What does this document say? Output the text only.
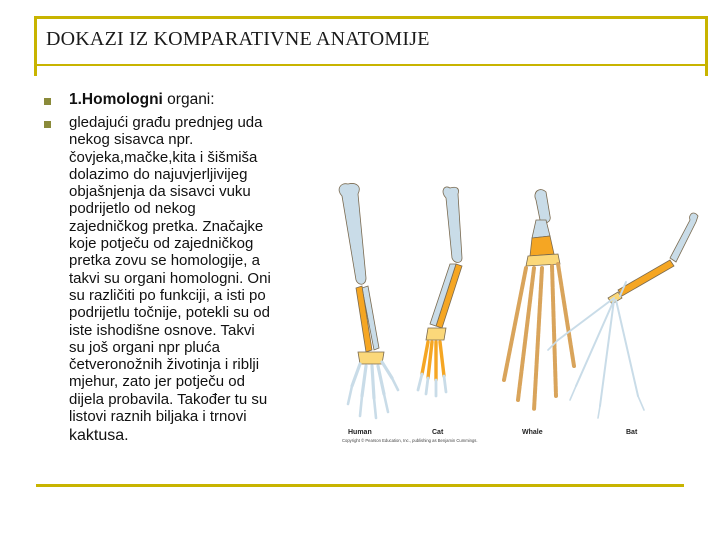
DOKAZI IZ KOMPARATIVNE ANATOMIJE
1.Homologni organi:
gledajući građu prednjeg uda
nekog sisavca npr.
čovjeka,mačke,kita i šišmiša
dolazimo do najuvjerljivijeg
objašnjenja da sisavci vuku
podrijetlo od nekog
zajedničkog pretka. Značajke
koje potječu od zajedničkog
pretka zovu se homologije, a
takvi su organi homologni. Oni
su različiti po funkciji, a isti po
podrijetlu točnije, potekli su od
iste ishodišne osnove. Takvi
su još organi npr pluća
četveronožnih životinja i riblji
mjehur, zato jer potječu od
dijela probavila. Također tu su
listovi raznih biljaka i trnovi
kaktusa.	Human	Cat	Whale	Bat
Copyright © Pearson Education, Inc., publishing as Benjamin Cummings.
